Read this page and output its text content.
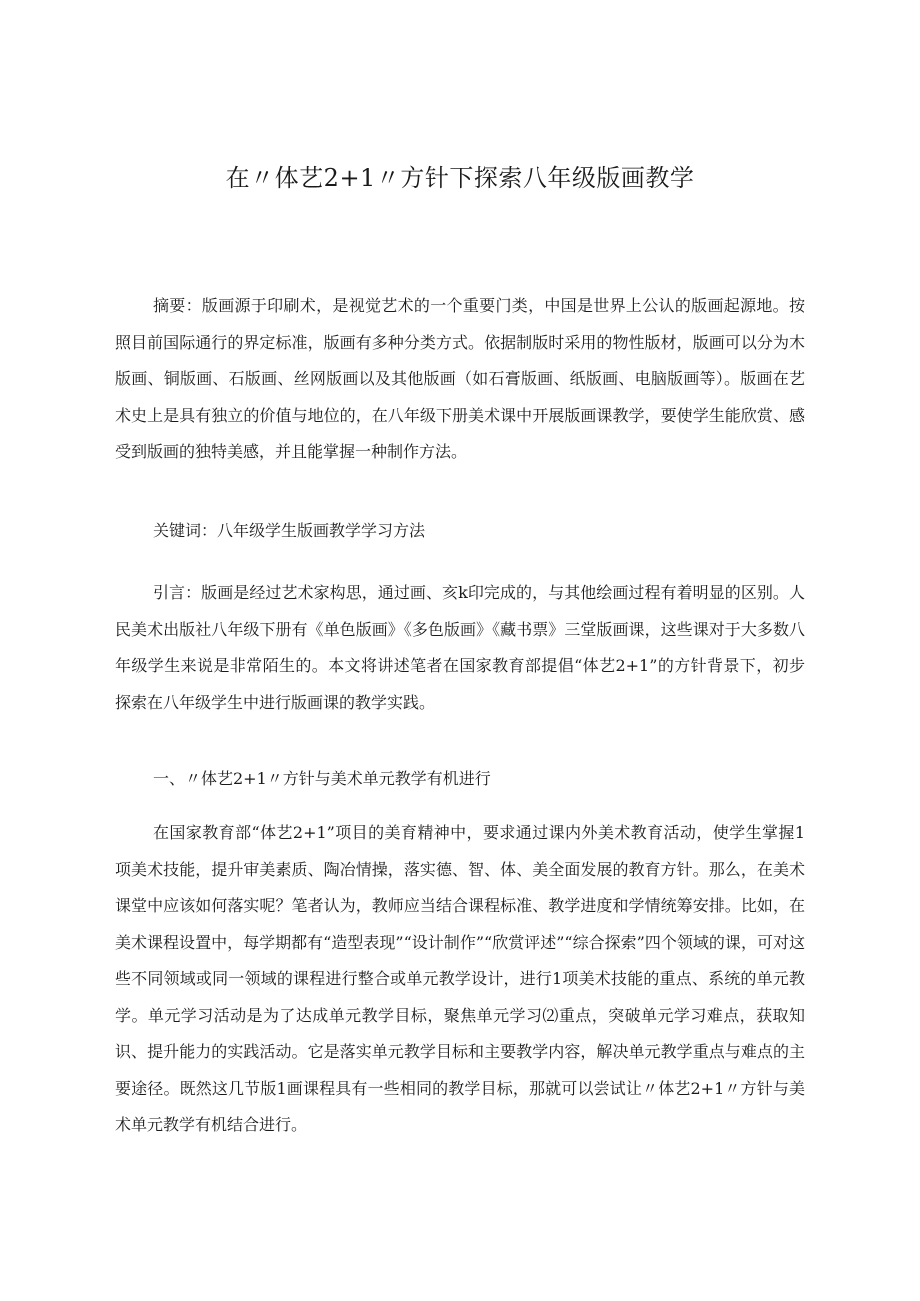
在〃体艺2+1〃方针下探索八年级版画教学

摘要：版画源于印刷术，是视觉艺术的一个重要门类，中国是世界上公认的版画起源地。按照目前国际通行的界定标准，版画有多种分类方式。依据制版时采用的物性版材，版画可以分为木版画、铜版画、石版画、丝网版画以及其他版画（如石膏版画、纸版画、电脑版画等）。版画在艺术史上是具有独立的价值与地位的，在八年级下册美术课中开展版画课教学，要使学生能欣赏、感受到版画的独特美感，并且能掌握一种制作方法。

关键词：八年级学生版画教学学习方法

引言：版画是经过艺术家构思，通过画、亥k印完成的，与其他绘画过程有着明显的区别。人民美术出版社八年级下册有《单色版画》《多色版画》《藏书票》三堂版画课，这些课对于大多数八年级学生来说是非常陌生的。本文将讲述笔者在国家教育部提倡“体艺2+1”的方针背景下，初步探索在八年级学生中进行版画课的教学实践。

一、〃体艺2+1〃方针与美术单元教学有机进行

在国家教育部“体艺2+1”项目的美育精神中，要求通过课内外美术教育活动，使学生掌握1项美术技能，提升审美素质、陶冶情操，落实德、智、体、美全面发展的教育方针。那么，在美术课堂中应该如何落实呢？笔者认为，教师应当结合课程标准、教学进度和学情统筹安排。比如，在美术课程设置中，每学期都有“造型表现”“设计制作”“欣赏评述”“综合探索”四个领域的课，可对这些不同领域或同一领域的课程进行整合或单元教学设计，进行1项美术技能的重点、系统的单元教学。单元学习活动是为了达成单元教学目标，聚焦单元学习⑵重点，突破单元学习难点，获取知识、提升能力的实践活动。它是落实单元教学目标和主要教学内容，解决单元教学重点与难点的主要途径。既然这几节版1画课程具有一些相同的教学目标，那就可以尝试让〃体艺2+1〃方针与美术单元教学有机结合进行。
